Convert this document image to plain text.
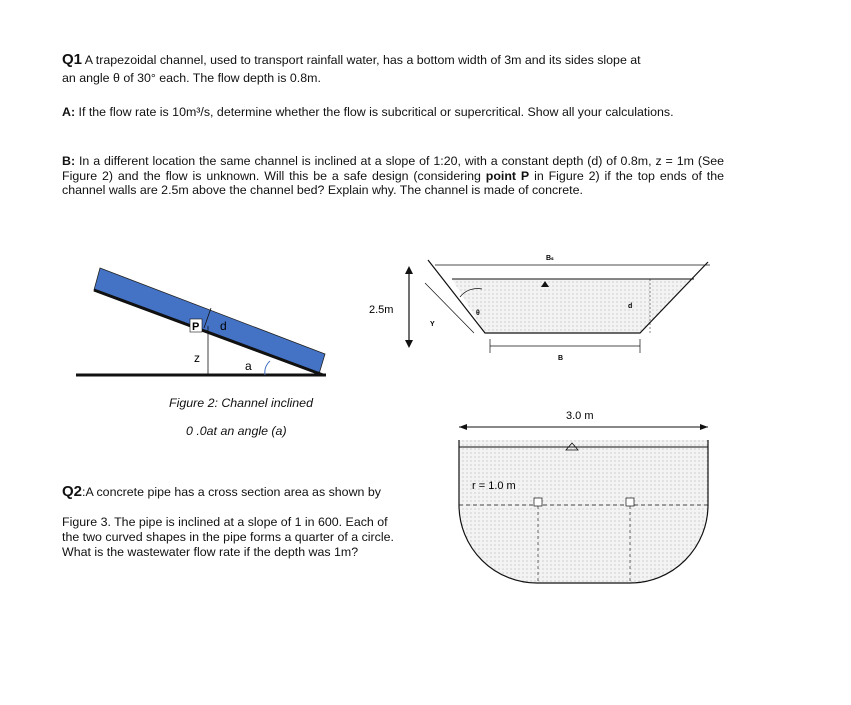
Q1 A trapezoidal channel, used to transport rainfall water, has a bottom width of 3m and its sides slope at
an angle θ of 30° each. The flow depth is 0.8m.
A: If the flow rate is 10m³/s, determine whether the flow is subcritical or supercritical. Show all your calculations.
B: In a different location the same channel is inclined at a slope of 1:20, with a constant depth (d) of 0.8m, z = 1m (See Figure 2) and the flow is unknown. Will this be a safe design (considering point P in Figure 2) if the top ends of the channel walls are 2.5m above the channel bed? Explain why. The channel is made of concrete.
P d
z
a
Figure 2: Channel inclined
0 .0at an angle (a)
2.5m
Bₛ
d
Y
θ
B
Q2:A concrete pipe has a cross section area as shown by
Figure 3. The pipe is inclined at a slope of 1 in 600. Each of
the two curved shapes in the pipe forms a quarter of a circle.
What is the wastewater flow rate if the depth was 1m?
3.0 m
r = 1.0 m
